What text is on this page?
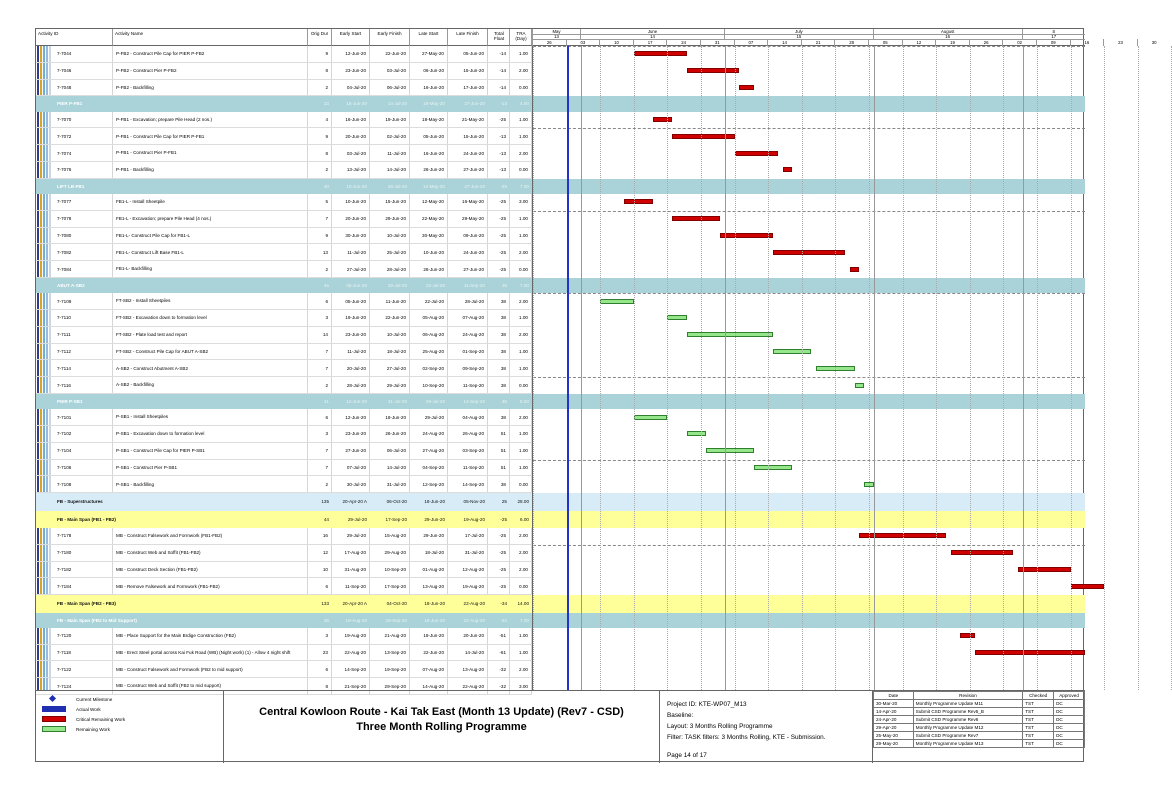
Activity ID	Activity Name	Orig Dur	Early Start	Early Finish	Late Start	Late Finish	Total Float
TRA (Day)
May
13
June
14
July
15
August
16
S
17
26	03	10	17	24	31	07	14	21	28	05	12	19	26	02	09	16	23	30
7-7044	P-FB2 - Construct Pile Cap for PIER P-FB2	9	12-Jun-20	22-Jun-20	27-May-20	05-Jun-20	-14	1.00
7-7046	P-FB2 - Construct Pier P-FB2	8	23-Jun-20	03-Jul-20	06-Jun-20	15-Jun-20	-14	2.00
7-7048	P-FB2 - Backfilling	2	04-Jul-20	06-Jul-20	16-Jun-20	17-Jun-20	-14	0.00
PIER P-FB1	23	16-Jun-20	14-Jul-20	18-May-20	27-Jun-20	-13	4.00
7-7070	P-FB1 - Excavation; prepare Pile Head (2 nos.)	4	16-Jun-20	19-Jun-20	18-May-20	21-May-20	-25	1.00
7-7072	P-FB1 - Construct Pile Cap for PIER P-FB1	9	20-Jun-20	02-Jul-20	05-Jun-20	15-Jun-20	-13	1.00
7-7074	P-FB1 - Construct Pier P-FB1	8	03-Jul-20	11-Jul-20	16-Jun-20	24-Jun-20	-13	2.00
7-7076	P-FB1 - Backfilling	2	13-Jul-20	14-Jul-20	26-Jun-20	27-Jun-20	-13	0.00
LIFT LB-FB1	40	10-Jun-20	28-Jul-20	12-May-20	27-Jun-20	-25	7.00
7-7077	FB1-L - Install Sheetpile	5	10-Jun-20	15-Jun-20	12-May-20	16-May-20	-25	3.00
7-7078	FB1-L - Excavation; prepare Pile Head (4 nos.)	7	20-Jun-20	29-Jun-20	22-May-20	29-May-20	-25	1.00
7-7080	FB1-L- Construct Pile Cap for FB1-L	9	30-Jun-20	10-Jul-20	30-May-20	09-Jun-20	-25	1.00
7-7082	FB1-L- Construct Lift Base FB1-L	13	11-Jul-20	25-Jul-20	10-Jun-20	24-Jun-20	-25	2.00
7-7084	FB1-L- Backfilling	2	27-Jul-20	28-Jul-20	26-Jun-20	27-Jun-20	-25	0.00
ABUT A-SB2	45	05-Jun-20	29-Jul-20	22-Jul-20	11-Sep-20	38	7.00
7-7109	FT-SB2 - Install Sheetpiles	6	05-Jun-20	11-Jun-20	22-Jul-20	28-Jul-20	38	2.00
7-7110	FT-SB2 - Excavation down to formation level	3	19-Jun-20	22-Jun-20	05-Aug-20	07-Aug-20	38	1.00
7-7111	FT-SB2 - Plate load test and report	14	23-Jun-20	10-Jul-20	06-Aug-20	24-Aug-20	38	2.00
7-7112	FT-SB2 - Construct Pile Cap for ABUT A-SB2	7	11-Jul-20	18-Jul-20	25-Aug-20	01-Sep-20	38	1.00
7-7114	A-SB2 - Construct Abutment A-SB2	7	20-Jul-20	27-Jul-20	02-Sep-20	09-Sep-20	38	1.00
7-7116	A-SB2 - Backfilling	2	28-Jul-20	29-Jul-20	10-Sep-20	11-Sep-20	38	0.00
PIER P-SB1	41	12-Jun-20	31-Jul-20	29-Jul-20	14-Sep-20	38	5.00
7-7101	P-SB1 - Install Sheetpiles	6	12-Jun-20	18-Jun-20	29-Jul-20	04-Aug-20	38	2.00
7-7102	P-SB1 - Excavation down to formation level	3	23-Jun-20	26-Jun-20	24-Aug-20	26-Aug-20	51	1.00
7-7104	P-SB1 - Construct Pile Cap for PIER P-SB1	7	27-Jun-20	06-Jul-20	27-Aug-20	03-Sep-20	51	1.00
7-7106	P-SB1 - Construct Pier P-SB1	7	07-Jul-20	14-Jul-20	04-Sep-20	11-Sep-20	51	1.00
7-7108	P-SB1 - Backfilling	2	30-Jul-20	31-Jul-20	12-Sep-20	14-Sep-20	38	0.00
FB - Superstructures	135	20-Apr-20 A	06-Oct-20	18-Jun-20	05-Nov-20	25	28.00
FB - Main Span (FB1 - FB2)	44	29-Jul-20	17-Sep-20	29-Jun-20	19-Aug-20	-25	6.00
7-7178	MB - Construct Falsework and Formwork (FB1-FB2)	16	29-Jul-20	15-Aug-20	29-Jun-20	17-Jul-20	-25	2.00
7-7180	MB - Construct Web and Soffit (FB1-FB2)	12	17-Aug-20	29-Aug-20	18-Jul-20	31-Jul-20	-25	2.00
7-7182	MB - Construct Deck Section (FB1-FB2)	10	31-Aug-20	10-Sep-20	01-Aug-20	12-Aug-20	-25	2.00
7-7184	MB - Remove Falsework and Formwork (FB1-FB2)	6	11-Sep-20	17-Sep-20	13-Aug-20	19-Aug-20	-25	0.00
FB - Main Span (FB2 - FB3)	133	20-Apr-20 A	04-Oct-20	18-Jun-20	22-Aug-20	-34	14.00
FB - Main Span (FB2 to Mid Support)	36	19-Aug-20	29-Sep-20	18-Jun-20	22-Aug-20	-32	7.00
7-7120	MB - Place Support for the Main Brdige Construction (FB2)	3	19-Aug-20	21-Aug-20	18-Jun-20	20-Jun-20	-51	1.00
7-7118	MB - Erect Steel portal across Kai Fuk Road (WB) (Night work) (1) - Allow 4 night shift	23	22-Aug-20	13-Sep-20	22-Jun-20	14-Jul-20	-61	1.00
7-7122	MB - Construct Falsework and Formwork (FB2 to mid support)	6	14-Sep-20	19-Sep-20	07-Aug-20	13-Aug-20	-32	2.00
7-7124	MB - Construct Web and Soffit (FB2 to mid support)	8	21-Sep-20	29-Sep-20	14-Aug-20	22-Aug-20	-32	3.00
Current Milestone
Actual Work
Critical Remaining Work
Remaining Work
Central Kowloon Route - Kai Tak East (Month 13 Update) (Rev7 - CSD)
Three Month Rolling Programme
Project ID: KTE-WP07_M13
Baseline:
Layout: 3 Months Rolling Programme
Filter: TASK filters: 3 Months Rolling, KTE - Submission.
Page 14 of 17
Date	Revision	Checked	Approved
30-Mar-20	Monthly Programme Update M11	TST	DC
14-Apr-20	Submit CSD Programme Rev5_B	TST	DC
24-Apr-20	Submit CSD Programme Rev6	TST	DC
29-Apr-20	Monthly Programme Update M12	TST	DC
25-May-20	Submit CSD Programme Rev7	TST	DC
29-May-20	Monthly Programme Update M13	TST	DC
